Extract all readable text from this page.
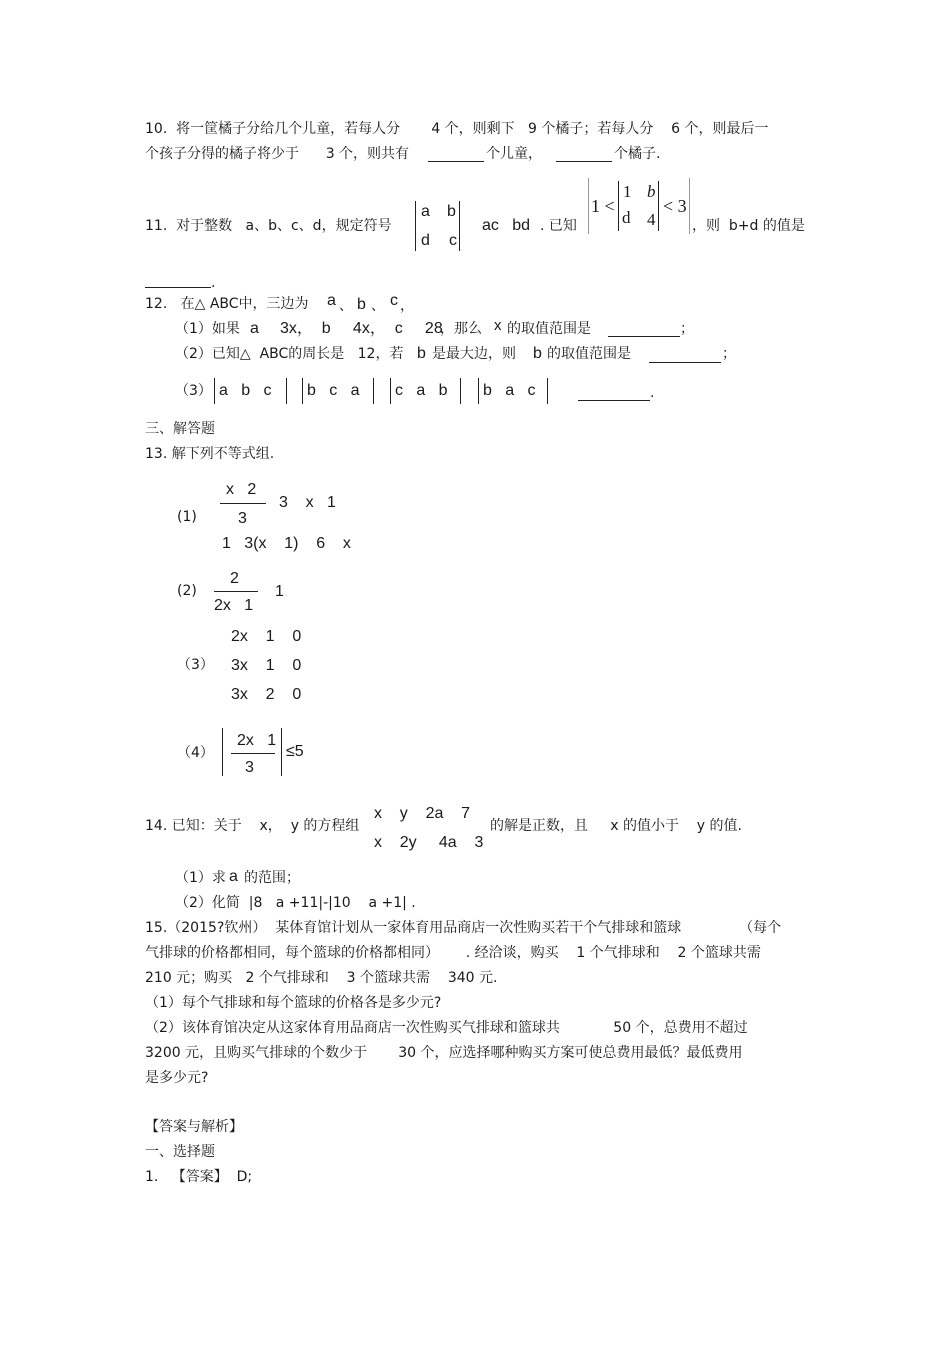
10.  将一筐橘子分给几个儿童，若每人分       4 个，则剩下   9 个橘子；若每人分    6 个，则最后一
个孩子分得的橘子将少于      3 个，则共有	个儿童，	个橘子.
11.  对于整数   a、b、c、d，规定符号
a b
d c
ac   bd . 已知
1 <
1 b
d 4
< 3
，则  b+d 的值是
.
12.   在△ ABC中，三边为 a 、 b 、 c ，
（1）如果 a 3x，  b     4x，  c     28
，那么 x 的取值范围是	；
（2）已知△  ABC的周长是   12，若 b 是最大边，则 b 的取值范围是	；
（3） a   b   c b   c   a c   a   b b   a   c	.
三、解答题
13. 解下列不等式组.
(1) {
x   2
3
3    x   1
1   3(x    1)    6    x
(2)
2
2x   1
1
（3）
2x    1    0
3x    1    0
3x    2    0
（4）
2x   1
3
≤5
14. 已知：关于    x，  y 的方程组
x    y    2a    7
x    2y     4a    3
的解是正数，且     x 的值小于    y 的值.
（1）求 a 的范围；
（2）化简  |8   a +11|-|10    a +1| .
15.（2015?钦州）  某体育馆计划从一家体育用品商店一次性购买若干个气排球和篮球             （每个
气排球的价格都相同，每个篮球的价格都相同）      . 经洽谈，购买    1 个气排球和    2 个篮球共需
210 元；购买   2 个气排球和    3 个篮球共需    340 元.
（1）每个气排球和每个篮球的价格各是多少元?
（2）该体育馆决定从这家体育用品商店一次性购买气排球和篮球共            50 个，总费用不超过
3200 元，且购买气排球的个数少于       30 个，应选择哪种购买方案可使总费用最低？最低费用
是多少元?
【答案与解析】
一、选择题
1.   【答案】  D;
